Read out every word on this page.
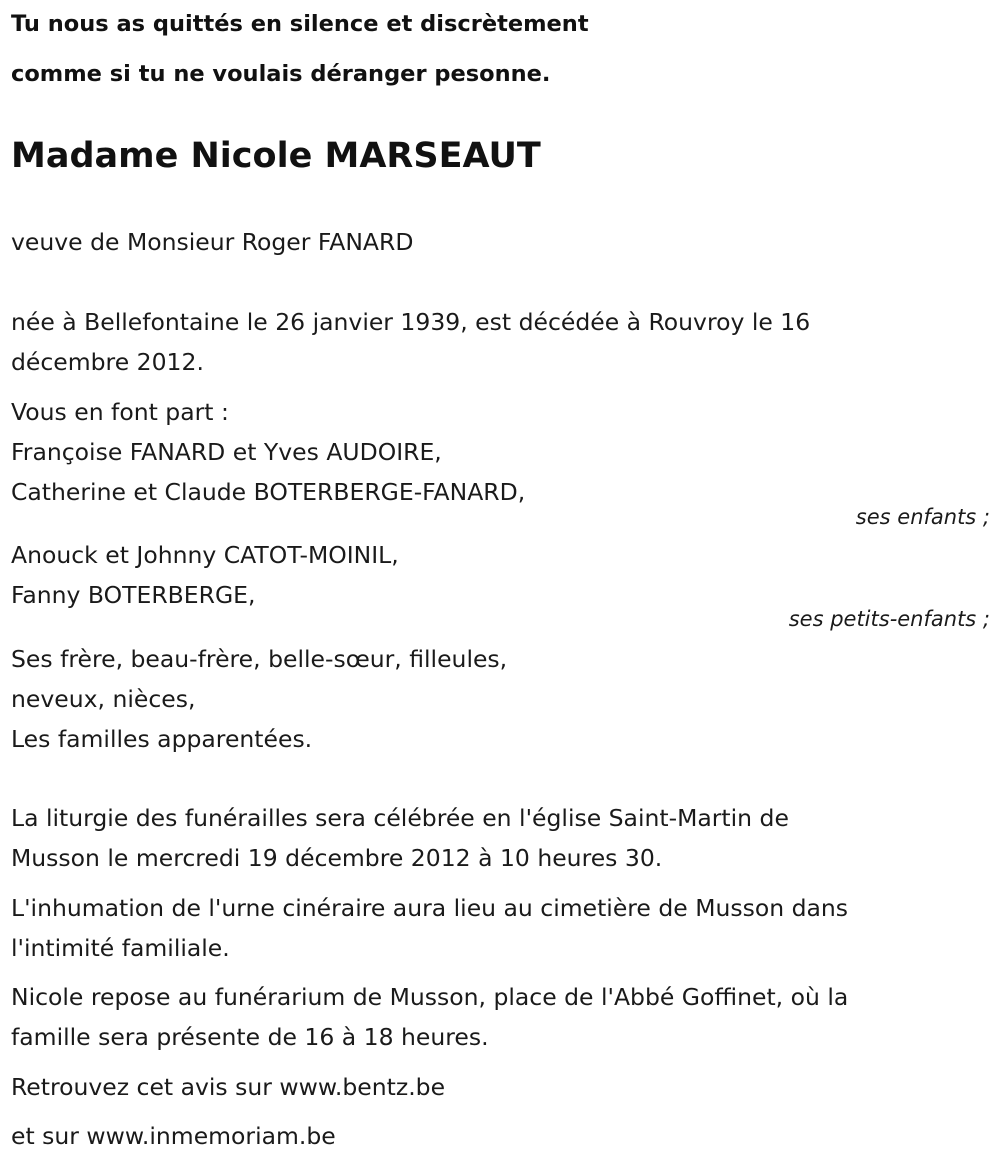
Tu nous as quittés en silence et discrètement
comme si tu ne voulais déranger pesonne.
Madame Nicole MARSEAUT
veuve de Monsieur Roger FANARD
née à Bellefontaine le 26 janvier 1939, est décédée à Rouvroy le 16
décembre 2012.
Vous en font part :
Françoise FANARD et Yves AUDOIRE,
Catherine et Claude BOTERBERGE-FANARD,
ses enfants ;
Anouck et Johnny CATOT-MOINIL,
Fanny BOTERBERGE,
ses petits-enfants ;
Ses frère, beau-frère, belle-sœur, filleules,
neveux, nièces,
Les familles apparentées.
La liturgie des funérailles sera célébrée en l'église Saint-Martin de
Musson le mercredi 19 décembre 2012 à 10 heures 30.
L'inhumation de l'urne cinéraire aura lieu au cimetière de Musson dans
l'intimité familiale.
Nicole repose au funérarium de Musson, place de l'Abbé Goffinet, où la
famille sera présente de 16 à 18 heures.
Retrouvez cet avis sur www.bentz.be
et sur www.inmemoriam.be
